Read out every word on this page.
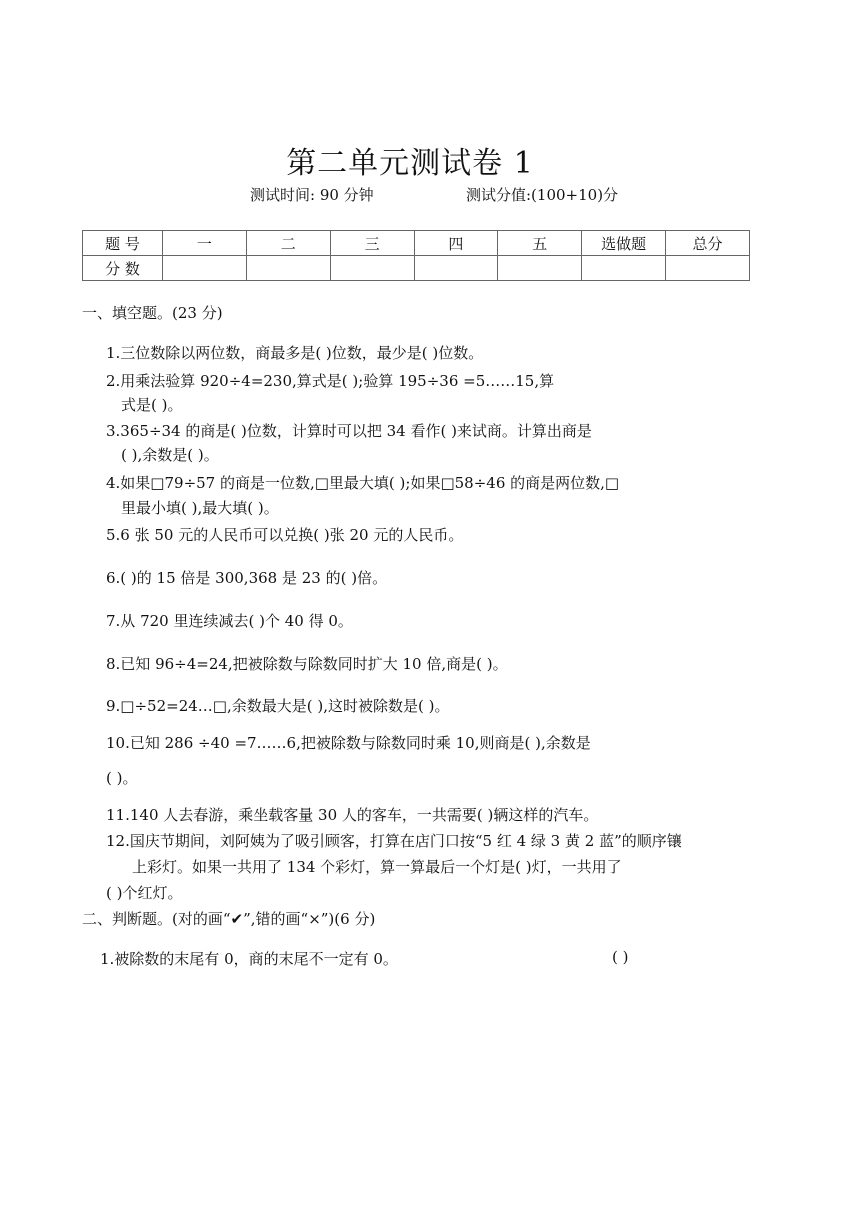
第二单元测试卷 1
测试时间: 90 分钟	测试分值:(100+10)分
题 号	一	二	三	四	五	选做题	总分
分 数							
一、填空题。(23 分)
1.三位数除以两位数，商最多是( )位数，最少是( )位数。
2.用乘法验算 920÷4=230,算式是( );验算 195÷36 =5……15,算
式是( )。
3.365÷34 的商是( )位数，计算时可以把 34 看作( )来试商。计算出商是
( ),余数是( )。
4.如果□79÷57 的商是一位数,□里最大填( );如果□58÷46 的商是两位数,□
里最小填( ),最大填( )。
5.6 张 50 元的人民币可以兑换( )张 20 元的人民币。
6.( )的 15 倍是 300,368 是 23 的( )倍。
7.从 720 里连续减去( )个 40 得 0。
8.已知 96÷4=24,把被除数与除数同时扩大 10 倍,商是( )。
9.□÷52=24…□,余数最大是( ),这时被除数是( )。
10.已知 286 ÷40 =7……6,把被除数与除数同时乘 10,则商是( ),余数是
( )。
11.140 人去春游，乘坐载客量 30 人的客车，一共需要( )辆这样的汽车。
12.国庆节期间，刘阿姨为了吸引顾客，打算在店门口按“5 红 4 绿 3 黄 2 蓝”的顺序镶
上彩灯。如果一共用了 134 个彩灯，算一算最后一个灯是( )灯，一共用了
( )个红灯。
二、判断题。(对的画“✔”,错的画“×”)(6 分)
1.被除数的末尾有 0，商的末尾不一定有 0。	( )
